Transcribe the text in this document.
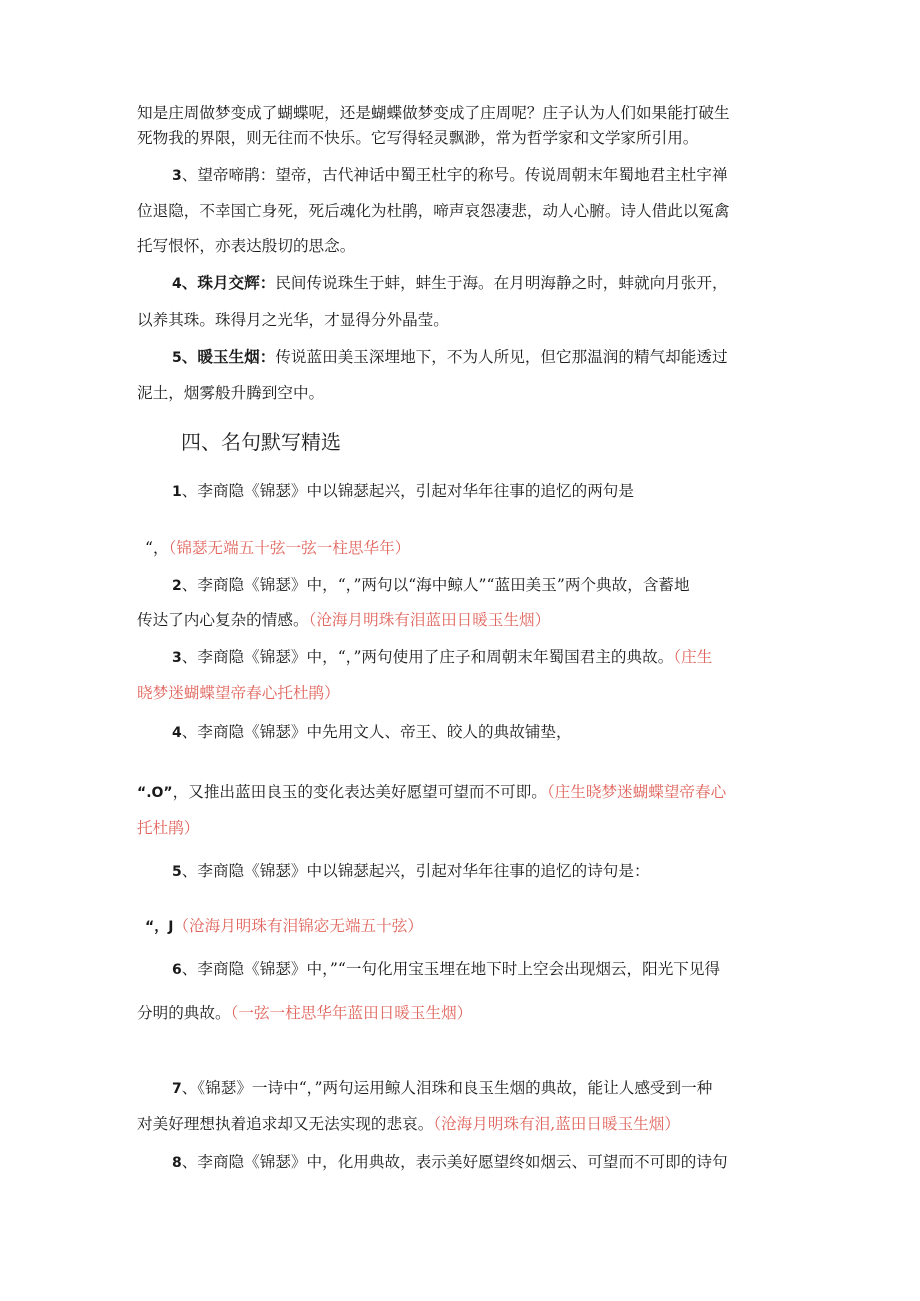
知是庄周做梦变成了蝴蝶呢，还是蝴蝶做梦变成了庄周呢？庄子认为人们如果能打破生
死物我的界限，则无往而不快乐。它写得轻灵飘渺，常为哲学家和文学家所引用。
3、望帝啼鹃：望帝，古代神话中蜀王杜宇的称号。传说周朝末年蜀地君主杜宇禅
位退隐，不幸国亡身死，死后魂化为杜鹃，啼声哀怨凄悲，动人心腑。诗人借此以冤禽
托写恨怀，亦表达殷切的思念。
4、珠月交辉：民间传说珠生于蚌，蚌生于海。在月明海静之时，蚌就向月张开，
以养其珠。珠得月之光华，才显得分外晶莹。
5、暖玉生烟：传说蓝田美玉深埋地下，不为人所见，但它那温润的精气却能透过
泥土，烟雾般升腾到空中。
四、名句默写精选
1、李商隐《锦瑟》中以锦瑟起兴，引起对华年往事的追忆的两句是
“，（锦瑟无端五十弦一弦一柱思华年）
2、李商隐《锦瑟》中，“，”两句以“海中鲸人”“蓝田美玉”两个典故，含蓄地
传达了内心复杂的情感。（沧海月明珠有泪蓝田日暖玉生烟）
3、李商隐《锦瑟》中，“，”两句使用了庄子和周朝末年蜀国君主的典故。（庄生
晓梦迷蝴蝶望帝春心托杜鹃）
4、李商隐《锦瑟》中先用文人、帝王、皎人的典故铺垫，
“.O”，又推出蓝田良玉的变化表达美好愿望可望而不可即。（庄生晓梦迷蝴蝶望帝春心
托杜鹃）
5、李商隐《锦瑟》中以锦瑟起兴，引起对华年往事的追忆的诗句是：
“，J（沧海月明珠有泪锦宓无端五十弦）
6、李商隐《锦瑟》中，”“一句化用宝玉埋在地下时上空会出现烟云，阳光下见得
分明的典故。（一弦一柱思华年蓝田日暖玉生烟）
7、《锦瑟》一诗中“，”两句运用鲸人泪珠和良玉生烟的典故，能让人感受到一种
对美好理想执着追求却又无法实现的悲哀。（沧海月明珠有泪,蓝田日暖玉生烟）
8、李商隐《锦瑟》中，化用典故，表示美好愿望终如烟云、可望而不可即的诗句
